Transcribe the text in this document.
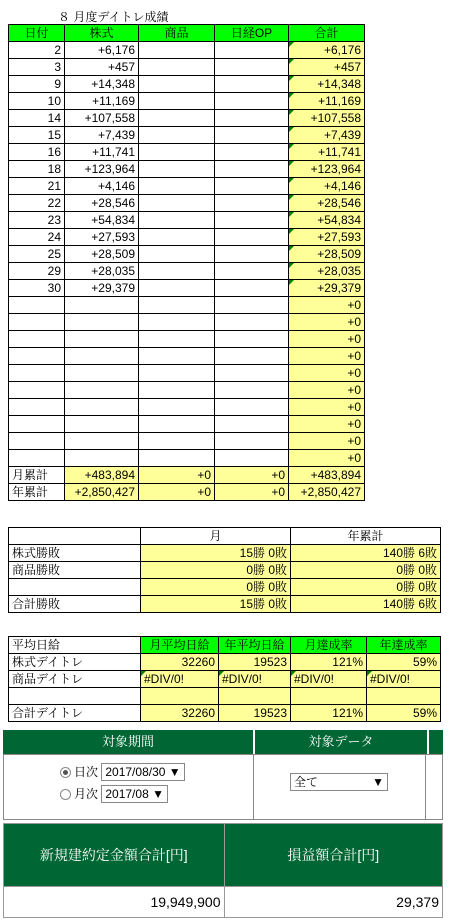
８ 月度デイトレ成績
日付	株式	商品	日経OP	合計
2	+6,176			+6,176
3	+457			+457
9	+14,348			+14,348
10	+11,169			+11,169
14	+107,558			+107,558
15	+7,439			+7,439
16	+11,741			+11,741
18	+123,964			+123,964
21	+4,146			+4,146
22	+28,546			+28,546
23	+54,834			+54,834
24	+27,593			+27,593
25	+28,509			+28,509
29	+28,035			+28,035
30	+29,379			+29,379
				+0
				+0
				+0
				+0
				+0
				+0
				+0
				+0
				+0
				+0
月累計	+483,894	+0	+0	+483,894
年累計	+2,850,427	+0	+0	+2,850,427
	月	年累計
株式勝敗	15勝 0敗	140勝 6敗
商品勝敗	0勝 0敗	0勝 0敗
	0勝 0敗	0勝 0敗
合計勝敗	15勝 0敗	140勝 6敗
平均日給	月平均日給	年平均日給	月達成率	年達成率
株式デイトレ	32260	19523	121%	59%
商品デイトレ	#DIV/0!	#DIV/0!	#DIV/0!	#DIV/0!

合計デイトレ	32260	19523	121%	59%
対象期間	対象データ
日次 2017/08/30 ▼
月次 2017/08 ▼
全て	▼
新規建約定金額合計[円]	損益額合計[円]
19,949,900	29,379
